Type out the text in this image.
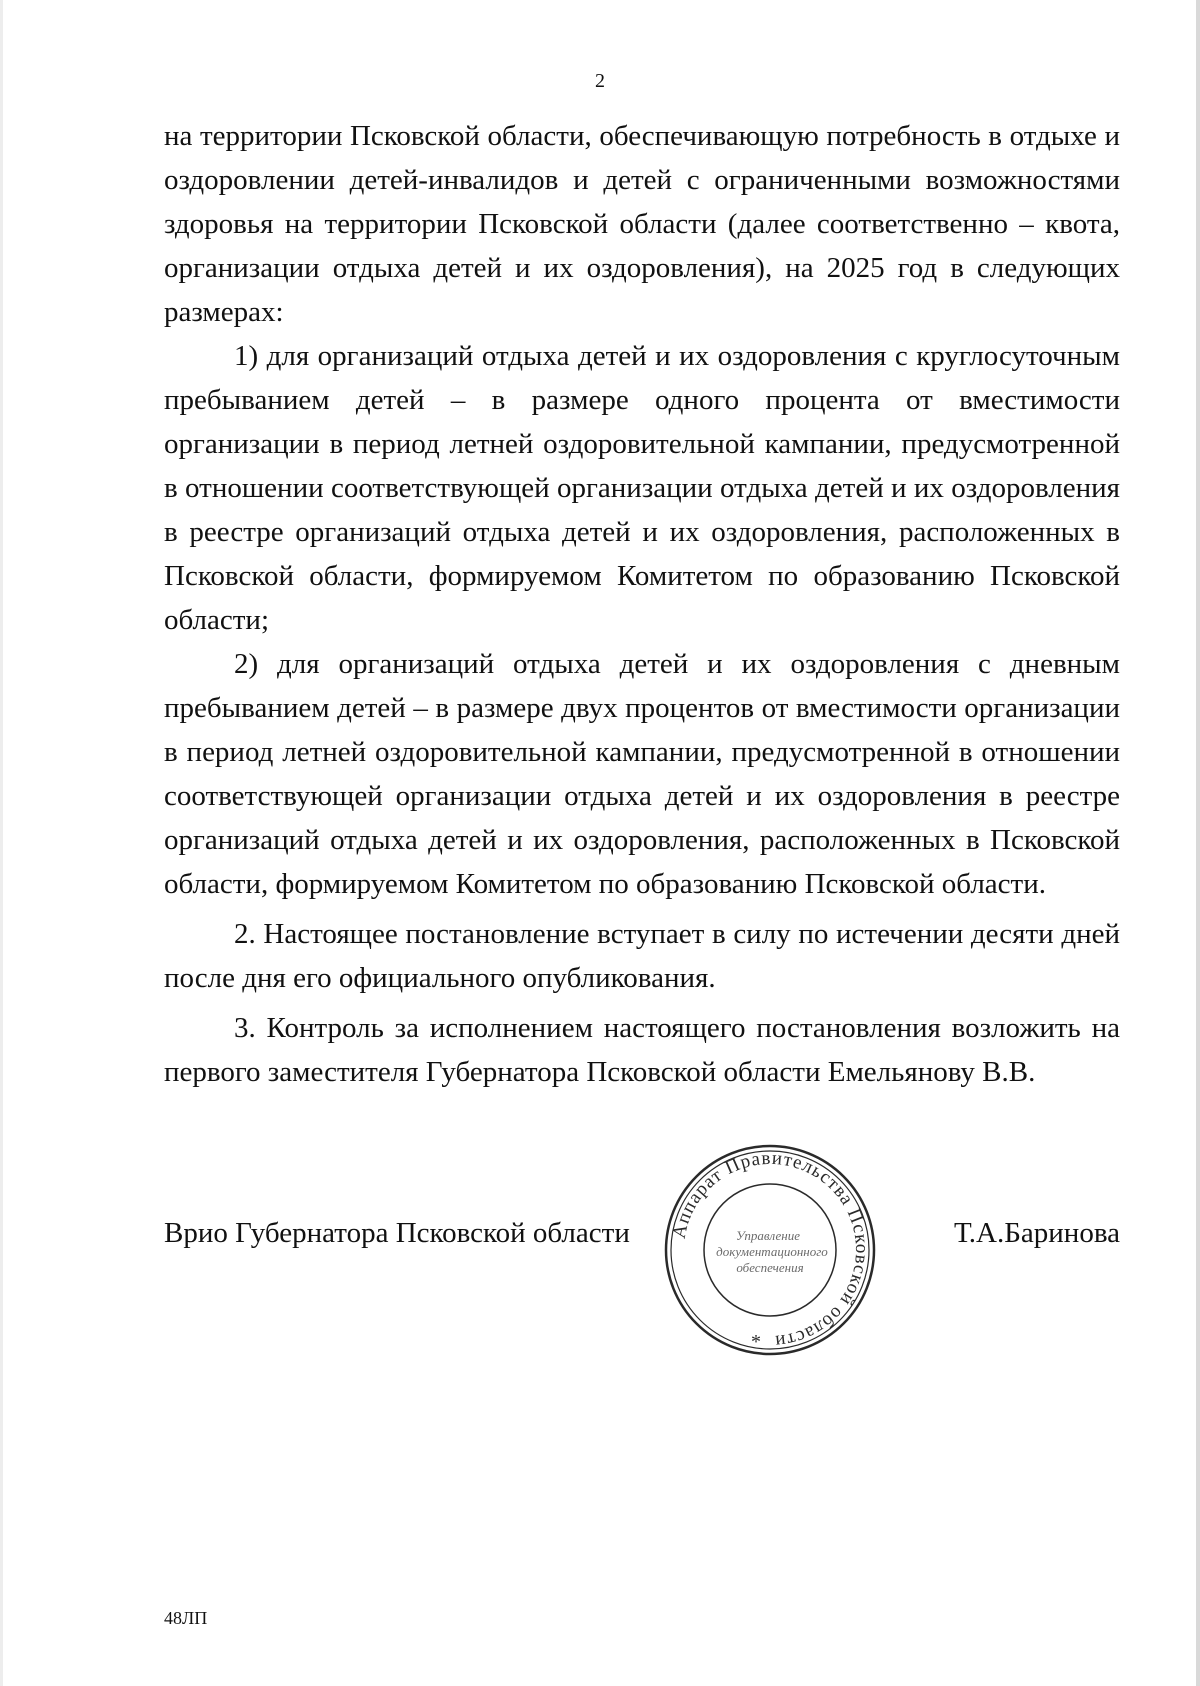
2

на территории Псковской области, обеспечивающую потребность в отдыхе и оздоровлении детей-инвалидов и детей с ограниченными возможностями здоровья на территории Псковской области (далее соответственно – квота, организации отдыха детей и их оздоровления), на 2025 год в следующих размерах:

1) для организаций отдыха детей и их оздоровления с круглосуточным пребыванием детей – в размере одного процента от вместимости организации в период летней оздоровительной кампании, предусмотренной в отношении соответствующей организации отдыха детей и их оздоровления в реестре организаций отдыха детей и их оздоровления, расположенных в Псковской области, формируемом Комитетом по образованию Псковской области;

2) для организаций отдыха детей и их оздоровления с дневным пребыванием детей – в размере двух процентов от вместимости организации в период летней оздоровительной кампании, предусмотренной в отношении соответствующей организации отдыха детей и их оздоровления в реестре организаций отдыха детей и их оздоровления, расположенных в Псковской области, формируемом Комитетом по образованию Псковской области.

2. Настоящее постановление вступает в силу по истечении десяти дней после дня его официального опубликования.

3. Контроль за исполнением настоящего постановления возложить на первого заместителя Губернатора Псковской области Емельянову В.В.

Врио Губернатора Псковской области Аппарат Правительства Псковской области
Управление
документационного
обеспечения
*
Т.А.Баринова
48ЛП
